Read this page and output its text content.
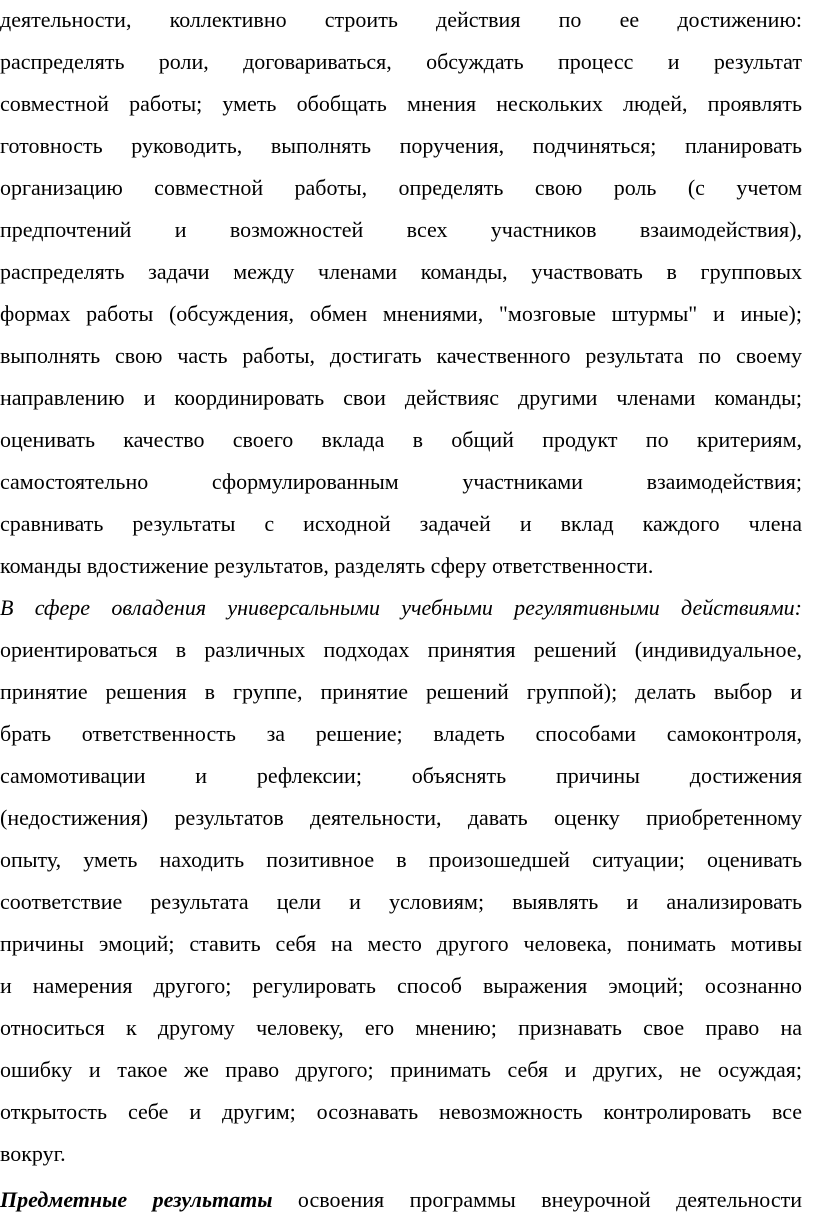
деятельности, коллективно строить действия по ее достижению:
распределять роли, договариваться, обсуждать процесс и результат
совместной работы; уметь обобщать мнения нескольких людей, проявлять
готовность руководить, выполнять поручения, подчиняться; планировать
организацию совместной работы, определять свою роль (с учетом
предпочтений и возможностей всех участников взаимодействия),
распределять задачи между членами команды, участвовать в групповых
формах работы (обсуждения, обмен мнениями, "мозговые штурмы" и иные);
выполнять свою часть работы, достигать качественного результата по своему
направлению и координировать свои действияс другими членами команды;
оценивать качество своего вклада в общий продукт по критериям,
самостоятельно сформулированным участниками взаимодействия;
сравнивать результаты с исходной задачей и вклад каждого члена
команды вдостижение результатов, разделять сферу ответственности.
В сфере овладения универсальными учебными регулятивными действиями:
ориентироваться в различных подходах принятия решений (индивидуальное,
принятие решения в группе, принятие решений группой); делать выбор и
брать ответственность за решение; владеть способами самоконтроля,
самомотивации и рефлексии; объяснять причины достижения
(недостижения) результатов деятельности, давать оценку приобретенному
опыту, уметь находить позитивное в произошедшей ситуации; оценивать
соответствие результата цели и условиям; выявлять и анализировать
причины эмоций; ставить себя на место другого человека, понимать мотивы
и намерения другого; регулировать способ выражения эмоций; осознанно
относиться к другому человеку, его мнению; признавать свое право на
ошибку и такое же право другого; принимать себя и других, не осуждая;
открытость себе и другим; осознавать невозможность контролировать все
вокруг.
Предметные результаты освоения программы внеурочной деятельности
